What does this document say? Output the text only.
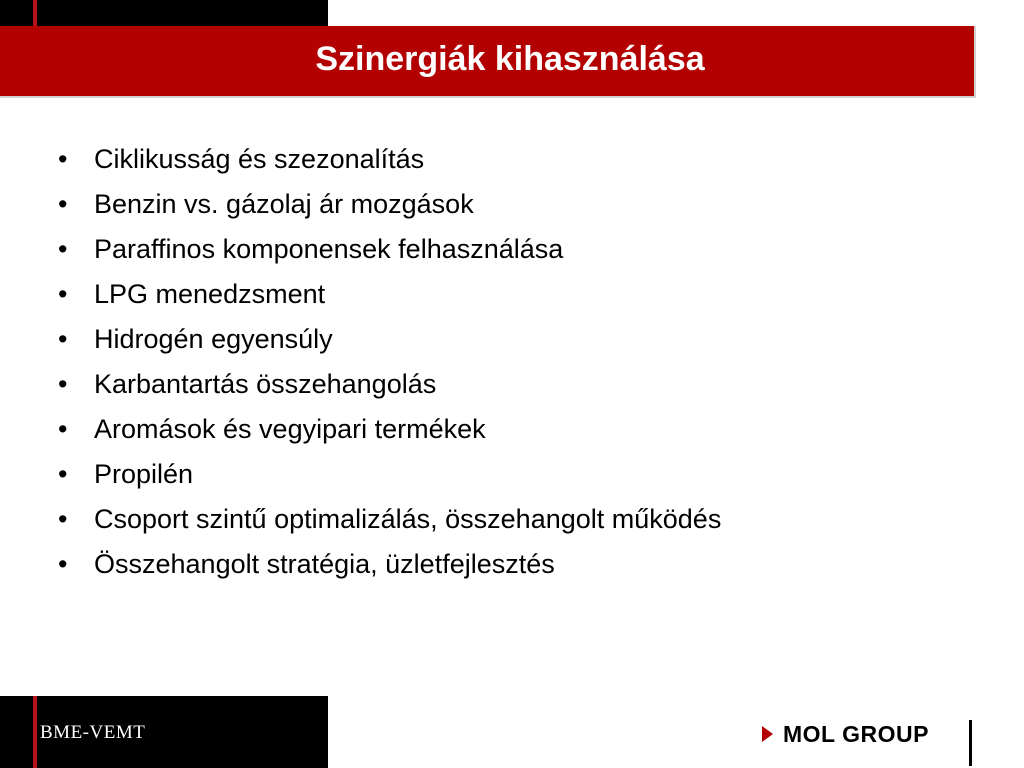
Szinergiák kihasználása
• Ciklikusság és szezonalítás
• Benzin vs. gázolaj ár mozgások
• Paraffinos komponensek felhasználása
• LPG menedzsment
• Hidrogén egyensúly
• Karbantartás összehangolás
• Aromások és vegyipari termékek
• Propilén
• Csoport szintű optimalizálás, összehangolt működés
• Összehangolt stratégia, üzletfejlesztés
BME-VEMT	MOL GROUP
